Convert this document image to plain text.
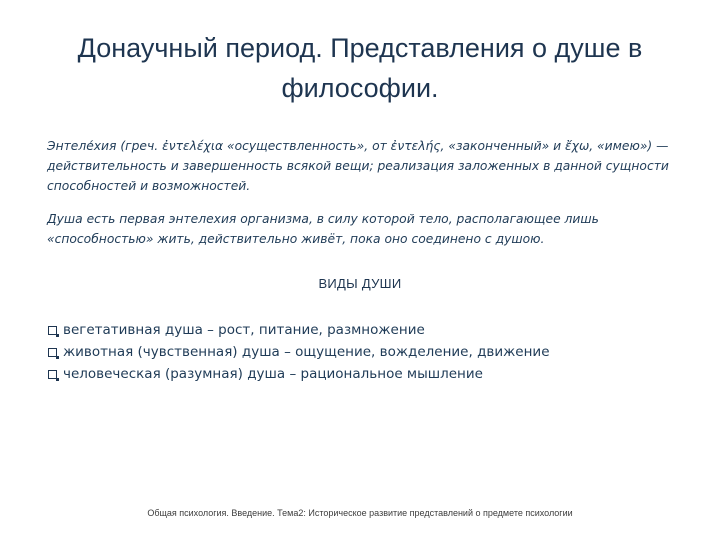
Донаучный период. Представления о душе в философии.
Энтеле́хия (греч. ἐντελέχια «осуществленность», от ἐντελής, «законченный» и ἔχω, «имею») — действительность и завершенность всякой вещи; реализация заложенных в данной сущности способностей и возможностей.
Душа есть первая энтелехия организма, в силу которой тело, располагающее лишь «способностью» жить, действительно живёт, пока оно соединено с душою.
ВИДЫ ДУШИ
вегетативная душа – рост, питание, размножение
животная (чувственная) душа – ощущение, вожделение, движение
человеческая (разумная) душа – рациональное мышление
Общая психология. Введение. Тема2: Историческое развитие представлений о предмете психологии
